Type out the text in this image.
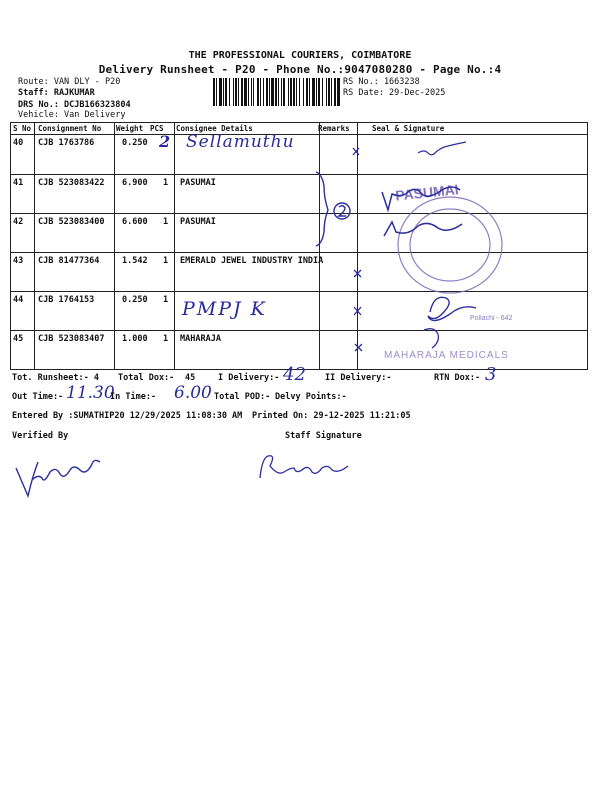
THE PROFESSIONAL COURIERS, COIMBATORE
Delivery Runsheet - P20 - Phone No.:9047080280 - Page No.:4
Route: VAN DLY - P20
Staff: RAJKUMAR
DRS No.: DCJB166323804
Vehicle: Van Delivery
RS No.: 1663238
RS Date: 29-Dec-2025
S No Consignment No Weight PCS Consignee Details	Remarks	Seal & Signature
40 CJB 1763786	0.250 2 Sellamuthu
41 CJB 523083422 6.900 1 PASUMAI
42 CJB 523083400 6.600 1 PASUMAI
43 CJB 81477364	1.542 1 EMERALD JEWEL INDUSTRY INDIA
44 CJB 1764153	0.250 1 PMPJ K
45 CJB 523083407 1.000 1 MAHARAJA
PASUMAI
Pollachi - 642
MAHARAJA MEDICALS
Tot. Runsheet:- 4 Total Dox:- 45	I Delivery:- 42 II Delivery:-	RTN Dox:- 3
Out Time:- 11.30
In Time:- 6.00 Total POD:- Delvy Points:-
Entered By :SUMATHIP20 12/29/2025 11:08:30 AM Printed On: 29-12-2025 11:21:05
Verified By	Staff Signature
